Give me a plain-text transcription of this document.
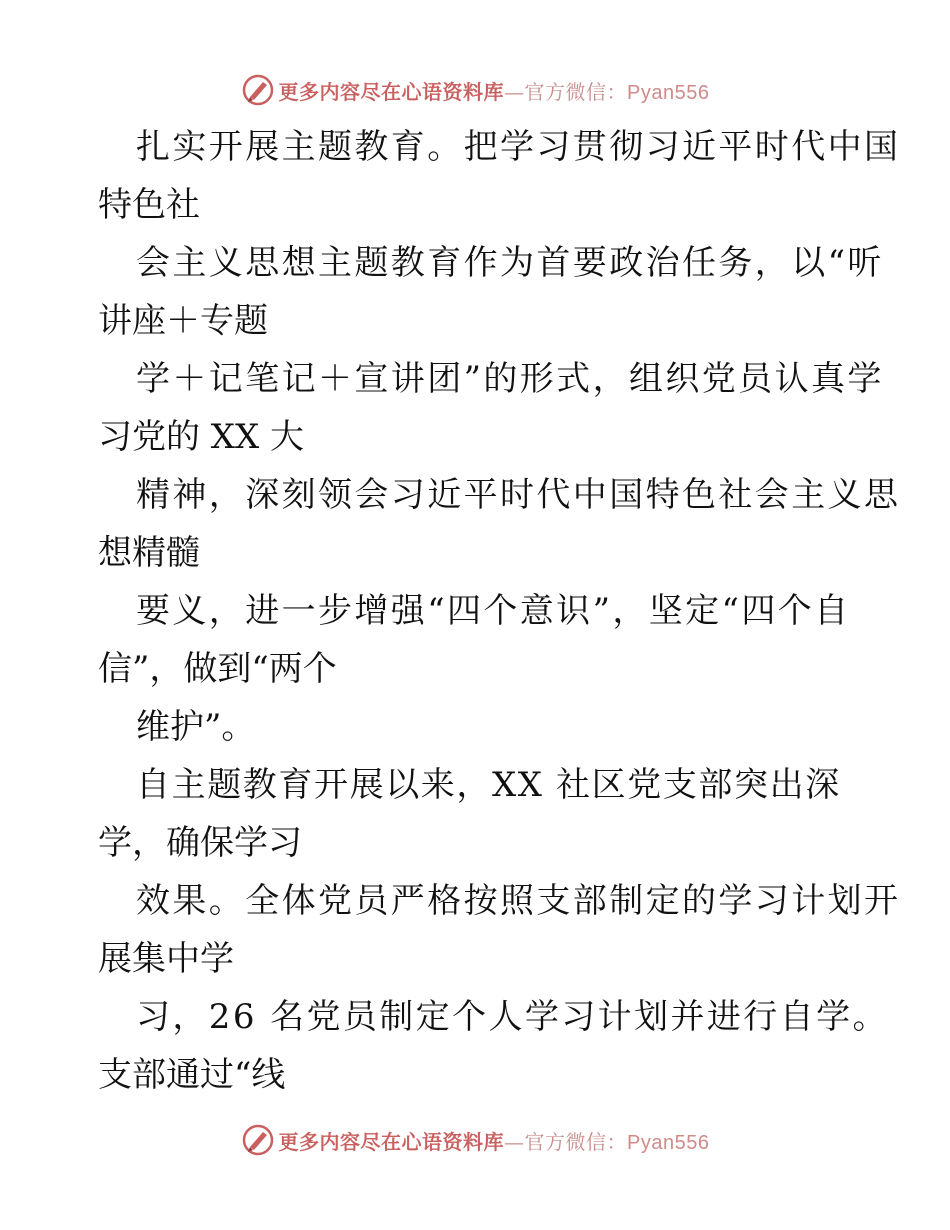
更多内容尽在心语资料库—官方微信：Pyan556

扎实开展主题教育。把学习贯彻习近平时代中国
特色社
会主义思想主题教育作为首要政治任务，以“听
讲座＋专题
学＋记笔记＋宣讲团”的形式，组织党员认真学
习党的 XX 大
精神，深刻领会习近平时代中国特色社会主义思
想精髓
要义，进一步增强“四个意识”，坚定“四个自
信”，做到“两个
维护”。

自主题教育开展以来，XX 社区党支部突出深
学，确保学习
效果。全体党员严格按照支部制定的学习计划开
展集中学
习，26 名党员制定个人学习计划并进行自学。
支部通过“线

更多内容尽在心语资料库—官方微信：Pyan556
